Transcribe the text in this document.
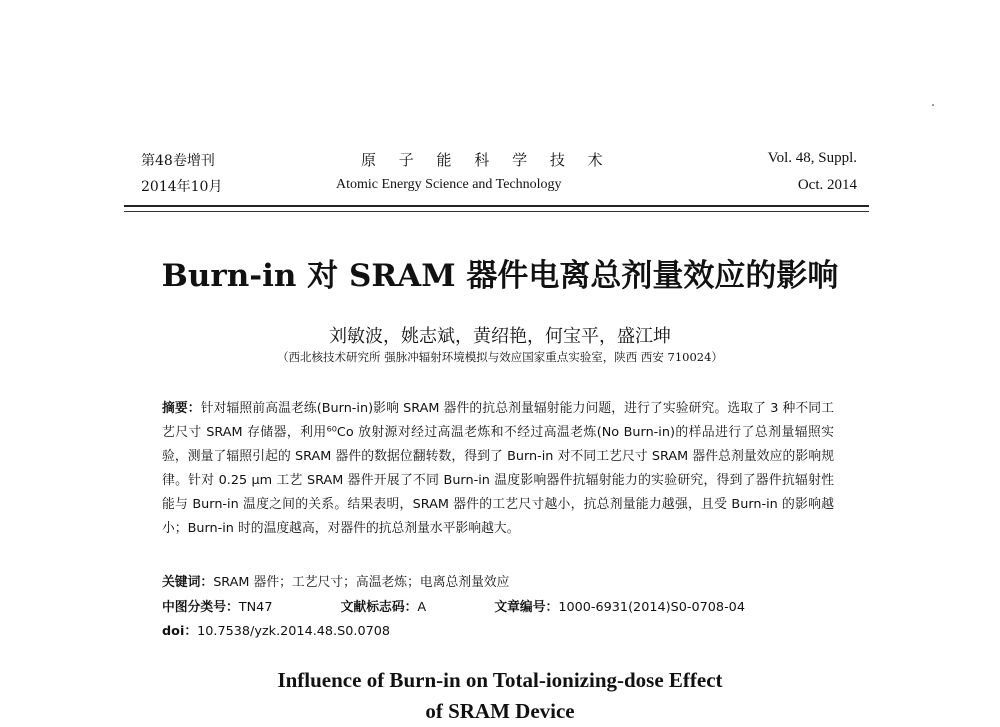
第48卷增刊
2014年10月
原 子 能 科 学 技 术
Atomic Energy Science and Technology
Vol. 48, Suppl.
Oct. 2014
Burn-in 对 SRAM 器件电离总剂量效应的影响
刘敏波，姚志斌，黄绍艳，何宝平，盛江坤
（西北核技术研究所 强脉冲辐射环境模拟与效应国家重点实验室，陕西 西安 710024）
摘要：针对辐照前高温老练(Burn-in)影响 SRAM 器件的抗总剂量辐射能力问题，进行了实验研究。选取了 3 种不同工艺尺寸 SRAM 存储器，利用⁶⁰Co 放射源对经过高温老炼和不经过高温老炼(No Burn-in)的样品进行了总剂量辐照实验，测量了辐照引起的 SRAM 器件的数据位翻转数，得到了 Burn-in 对不同工艺尺寸 SRAM 器件总剂量效应的影响规律。针对 0.25 μm 工艺 SRAM 器件开展了不同 Burn-in 温度影响器件抗辐射能力的实验研究，得到了器件抗辐射性能与 Burn-in 温度之间的关系。结果表明，SRAM 器件的工艺尺寸越小，抗总剂量能力越强，且受 Burn-in 的影响越小；Burn-in 时的温度越高，对器件的抗总剂量水平影响越大。
关键词：SRAM 器件；工艺尺寸；高温老炼；电离总剂量效应
中图分类号：TN47	文献标志码：A	文章编号：1000-6931(2014)S0-0708-04
doi：10.7538/yzk.2014.48.S0.0708
Influence of Burn-in on Total-ionizing-dose Effect
of SRAM Device
